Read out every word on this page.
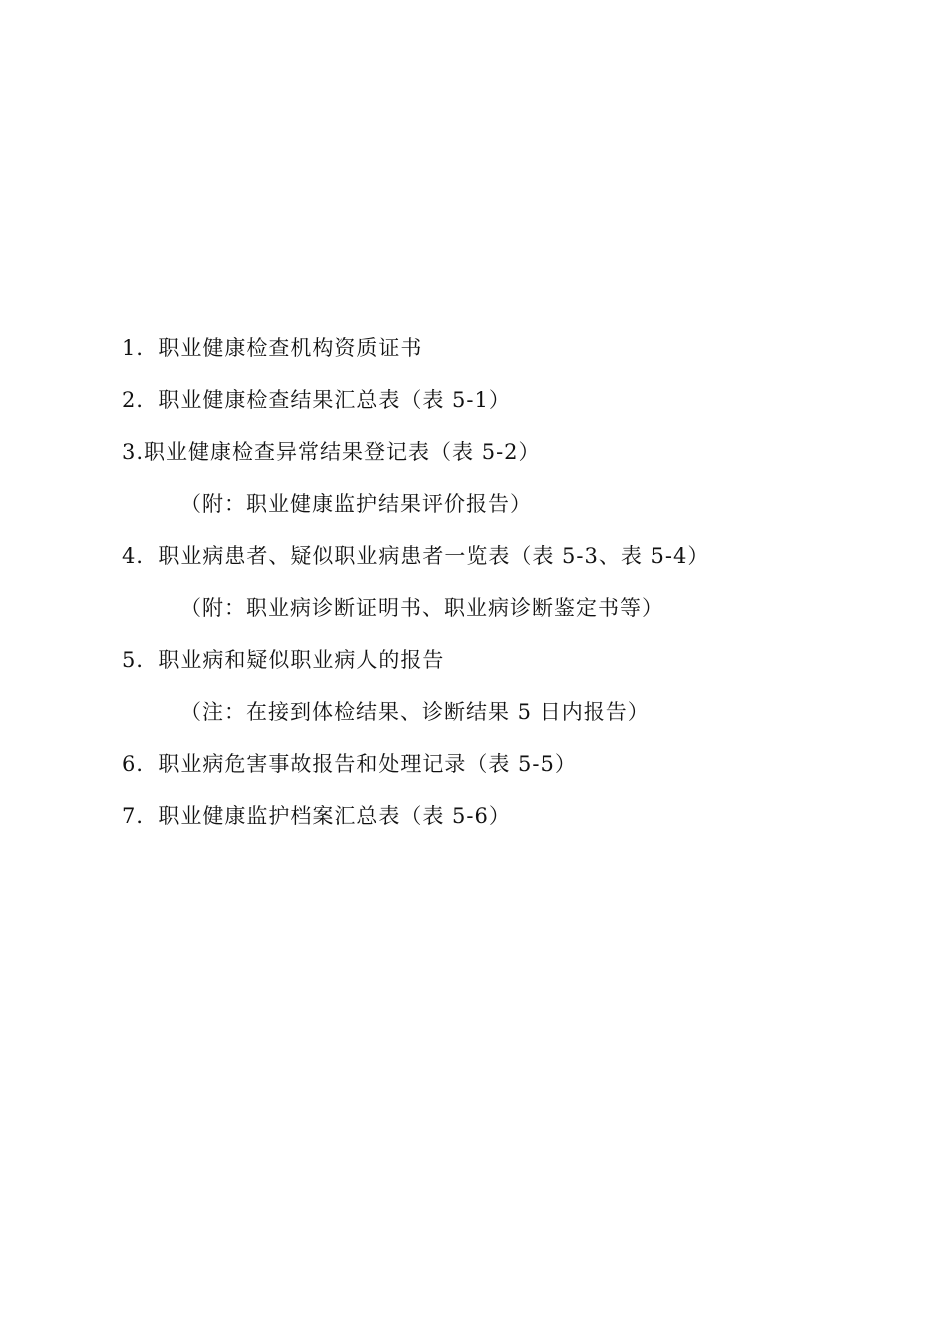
1．职业健康检查机构资质证书
2．职业健康检查结果汇总表（表 5-1）
3.职业健康检查异常结果登记表（表 5-2）
（附：职业健康监护结果评价报告）
4．职业病患者、疑似职业病患者一览表（表 5-3、表 5-4）
（附：职业病诊断证明书、职业病诊断鉴定书等）
5．职业病和疑似职业病人的报告
（注：在接到体检结果、诊断结果 5 日内报告）
6．职业病危害事故报告和处理记录（表 5-5）
7．职业健康监护档案汇总表（表 5-6）
